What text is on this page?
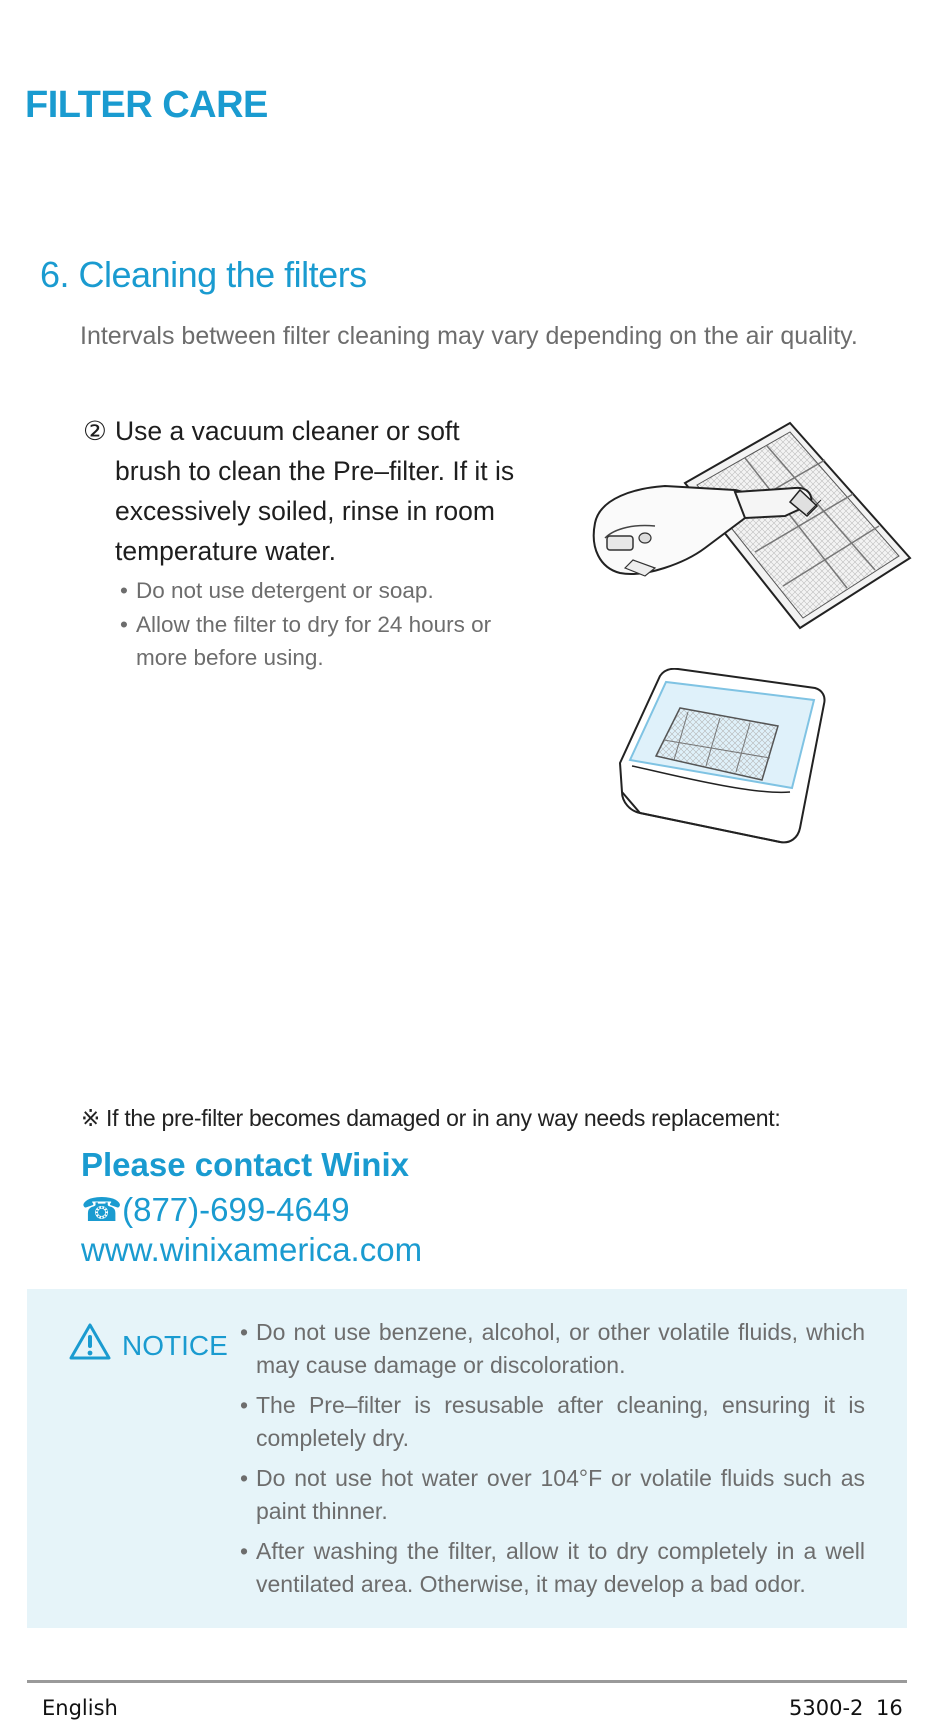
FILTER CARE
6. Cleaning the filters
Intervals between filter cleaning may vary depending on the air quality.
② Use a vacuum cleaner or soft brush to clean the Pre–filter. If it is excessively soiled, rinse in room temperature water.
• Do not use detergent or soap.
• Allow the filter to dry for 24 hours or more before using.
※ If the pre-filter becomes damaged or in any way needs replacement:
Please contact Winix
☎(877)-699-4649
www.winixamerica.com
NOTICE
•	Do not use benzene, alcohol, or other volatile fluids, which may cause damage or discoloration.
• The Pre–filter is resusable after cleaning, ensuring it is completely dry.
• Do not use hot water over 104°F or volatile fluids such as paint thinner.
• After washing the filter, allow it to dry completely in a well ventilated area. Otherwise, it may develop a bad odor.
English	5300-2 16
